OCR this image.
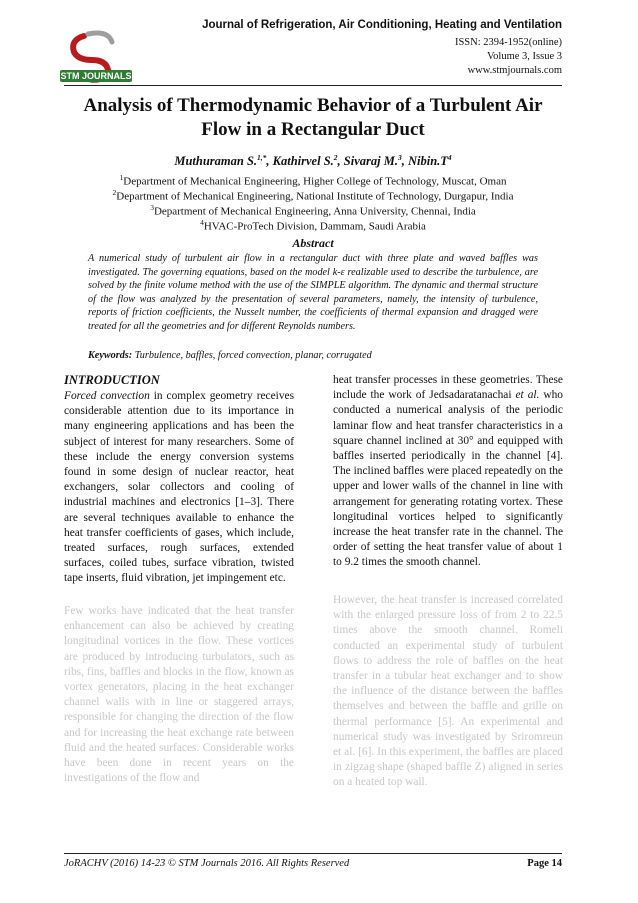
STM JOURNALS
Journal of Refrigeration, Air Conditioning, Heating and Ventilation
ISSN: 2394-1952(online)
Volume 3, Issue 3
www.stmjournals.com
Analysis of Thermodynamic Behavior of a Turbulent Air Flow in a Rectangular Duct
Muthuraman S.$^{1,*}$, Kathirvel S.$^2$, Sivaraj M.$^3$, $Nibin.T^4$
$^1$Department of Mechanical Engineering, Higher College of Technology, Muscat, Oman
$^2$Department of Mechanical Engineering, National Institute of Technology, Durgapur, India
$^3$Department of Mechanical Engineering, Anna University, Chennai, India
$^4$HVAC-ProTech Division, Dammam, Saudi Arabia
Abstract
A numerical study of turbulent air flow in a rectangular duct with three plate and waved baffles was investigated. The governing equations, based on the model k-ε realizable used to describe the turbulence, are solved by the finite volume method with the use of the SIMPLE algorithm. The dynamic and thermal structure of the flow was analyzed by the presentation of several parameters, namely, the intensity of turbulence, reports of friction coefficients, the Nusselt number, the coefficients of thermal expansion and dragged were treated for all the geometries and for different Reynolds numbers.
Keywords: Turbulence, baffles, forced convection, planar, corrugated
INTRODUCTION
Forced convection in complex geometry receives considerable attention due to its importance in many engineering applications and has been the subject of interest for many researchers. Some of these include the energy conversion systems found in some design of nuclear reactor, heat exchangers, solar collectors and cooling of industrial machines and electronics [1–3]. There are several techniques available to enhance the heat transfer coefficients of gases, which include, treated surfaces, rough surfaces, extended surfaces, coiled tubes, surface vibration, twisted tape inserts, fluid vibration, jet impingement etc.
Few works have indicated that the heat transfer enhancement can also be achieved by creating longitudinal vortices in the flow. These vortices are produced by introducing turbulators, such as ribs, fins, baffles and blocks in the flow, known as vortex generators, placing in the heat exchanger channel walls with in line or staggered arrays, responsible for changing the direction of the flow and for increasing the heat exchange rate between fluid and the heated surfaces. Considerable works have been done in recent years on the investigations of the flow and
heat transfer processes in these geometries. These include the work of Jedsadaratanachai et al. who conducted a numerical analysis of the periodic laminar flow and heat transfer characteristics in a square channel inclined at 30° and equipped with baffles inserted periodically in the channel [4]. The inclined baffles were placed repeatedly on the upper and lower walls of the channel in line with arrangement for generating rotating vortex. These longitudinal vortices helped to significantly increase the heat transfer rate in the channel. The order of setting the heat transfer value of about 1 to 9.2 times the smooth channel.
However, the heat transfer is increased correlated with the enlarged pressure loss of from 2 to 22.5 times above the smooth channel. Romeli conducted an experimental study of turbulent flows to address the role of baffles on the heat transfer in a tubular heat exchanger and to show the influence of the distance between the baffles themselves and between the baffle and grille on thermal performance [5]. An experimental and numerical study was investigated by Sriromreun et al. [6]. In this experiment, the baffles are placed in zigzag shape (shaped baffle Z) aligned in series on a heated top wall.
JoRACHV (2016) 14-23 © STM Journals 2016. All Rights Reserved	Page 14
